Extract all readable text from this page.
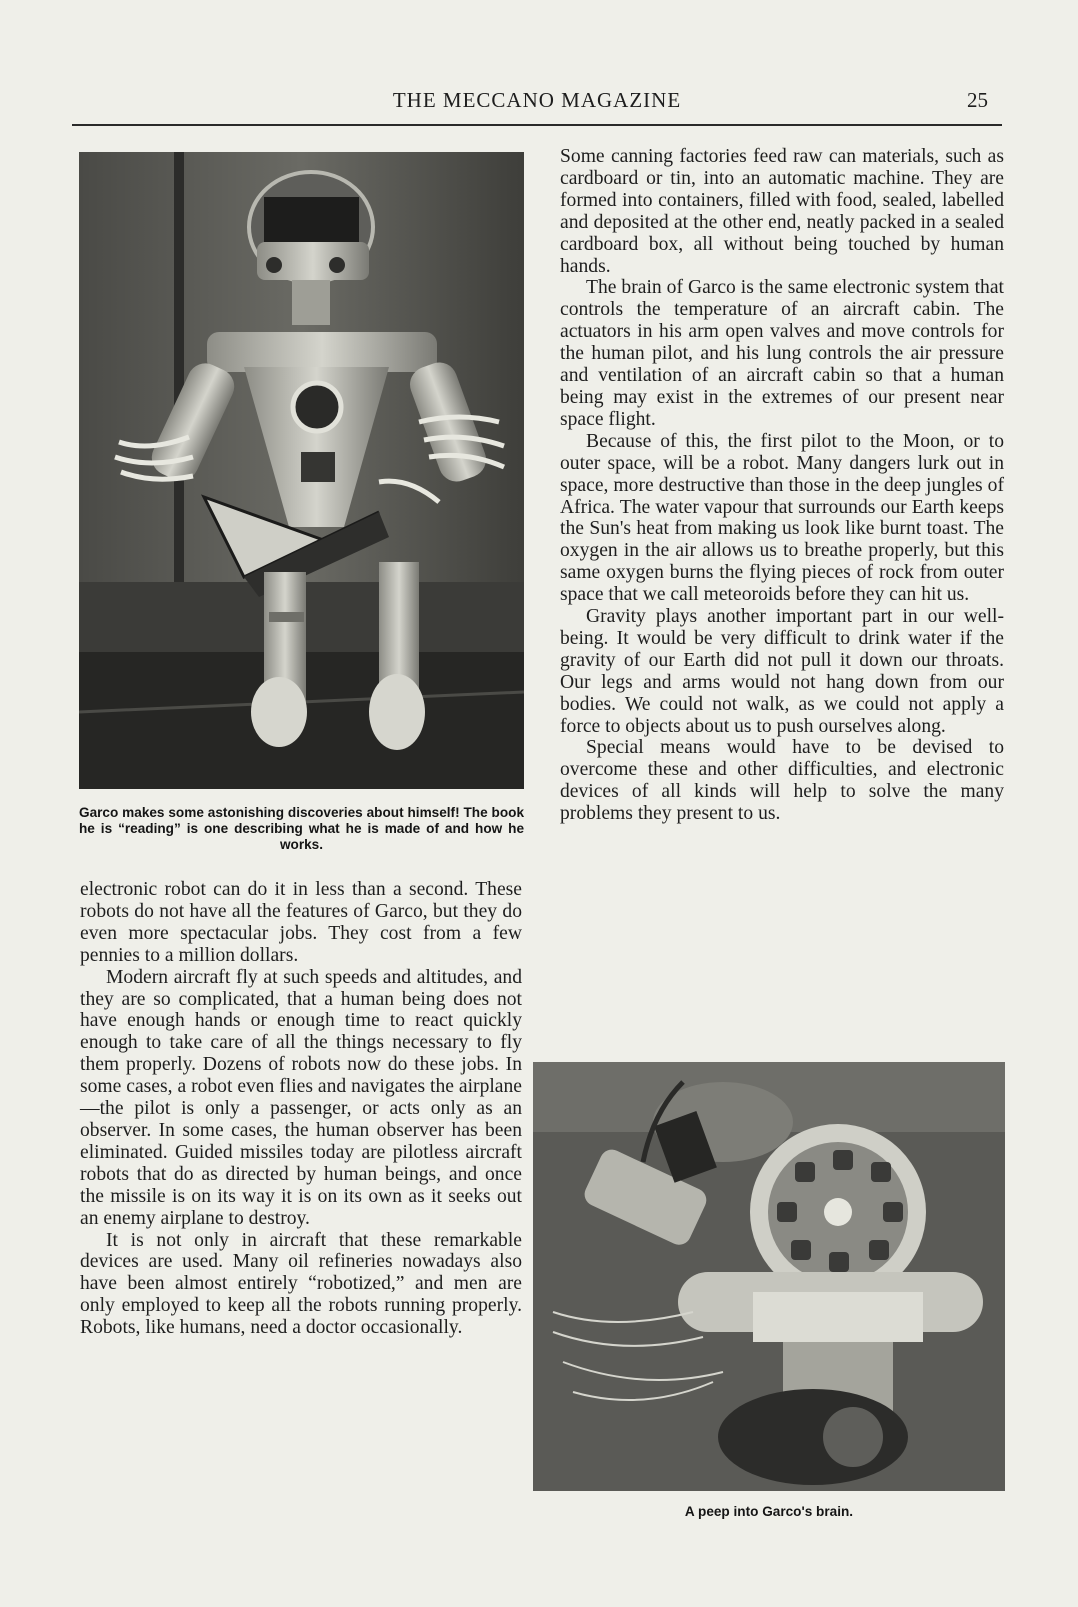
THE MECCANO MAGAZINE	25
Garco makes some astonishing discoveries about himself! The book he is “reading” is one describing what he is made of and how he works.

electronic robot can do it in less than a second. These robots do not have all the features of Garco, but they do even more spectacular jobs. They cost from a few pennies to a million dollars.

Modern aircraft fly at such speeds and altitudes, and they are so complicated, that a human being does not have enough hands or enough time to react quickly enough to take care of all the things necessary to fly them properly. Dozens of robots now do these jobs. In some cases, a robot even flies and navigates the airplane—the pilot is only a passenger, or acts only as an observer. In some cases, the human observer has been eliminated. Guided missiles today are pilotless aircraft robots that do as directed by human beings, and once the missile is on its way it is on its own as it seeks out an enemy airplane to destroy.

It is not only in aircraft that these remarkable devices are used. Many oil refineries nowadays also have been almost entirely “robotized,” and men are only employed to keep all the robots running properly. Robots, like humans, need a doctor occasionally.

Some canning factories feed raw can materials, such as cardboard or tin, into an automatic machine. They are formed into containers, filled with food, sealed, labelled and deposited at the other end, neatly packed in a sealed cardboard box, all without being touched by human hands.

The brain of Garco is the same electronic system that controls the temperature of an aircraft cabin. The actuators in his arm open valves and move controls for the human pilot, and his lung controls the air pressure and ventilation of an aircraft cabin so that a human being may exist in the extremes of our present near space flight.

Because of this, the first pilot to the Moon, or to outer space, will be a robot. Many dangers lurk out in space, more destructive than those in the deep jungles of Africa. The water vapour that surrounds our Earth keeps the Sun's heat from making us look like burnt toast. The oxygen in the air allows us to breathe properly, but this same oxygen burns the flying pieces of rock from outer space that we call meteoroids before they can hit us.

Gravity plays another important part in our well-being. It would be very difficult to drink water if the gravity of our Earth did not pull it down our throats. Our legs and arms would not hang down from our bodies. We could not walk, as we could not apply a force to objects about us to push ourselves along.

Special means would have to be devised to overcome these and other difficulties, and electronic devices of all kinds will help to solve the many problems they present to us.

A peep into Garco's brain.
